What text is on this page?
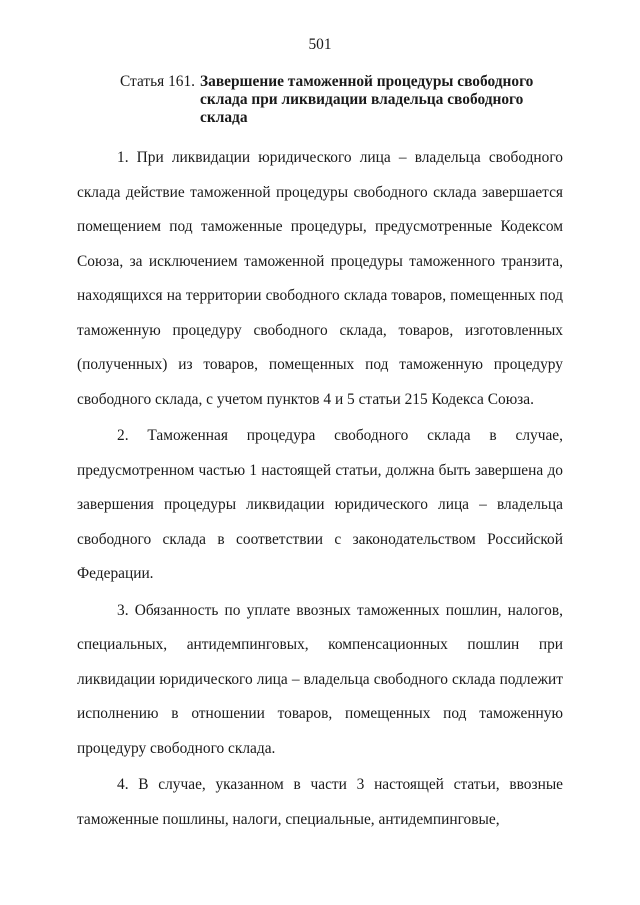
501
Статья 161. Завершение таможенной процедуры свободного склада при ликвидации владельца свободного склада

1. При ликвидации юридического лица – владельца свободного склада действие таможенной процедуры свободного склада завершается помещением под таможенные процедуры, предусмотренные Кодексом Союза, за исключением таможенной процедуры таможенного транзита, находящихся на территории свободного склада товаров, помещенных под таможенную процедуру свободного склада, товаров, изготовленных (полученных) из товаров, помещенных под таможенную процедуру свободного склада, с учетом пунктов 4 и 5 статьи 215 Кодекса Союза.

2. Таможенная процедура свободного склада в случае, предусмотренном частью 1 настоящей статьи, должна быть завершена до завершения процедуры ликвидации юридического лица – владельца свободного склада в соответствии с законодательством Российской Федерации.

3. Обязанность по уплате ввозных таможенных пошлин, налогов, специальных, антидемпинговых, компенсационных пошлин при ликвидации юридического лица – владельца свободного склада подлежит исполнению в отношении товаров, помещенных под таможенную процедуру свободного склада.

4. В случае, указанном в части 3 настоящей статьи, ввозные таможенные пошлины, налоги, специальные, антидемпинговые,
